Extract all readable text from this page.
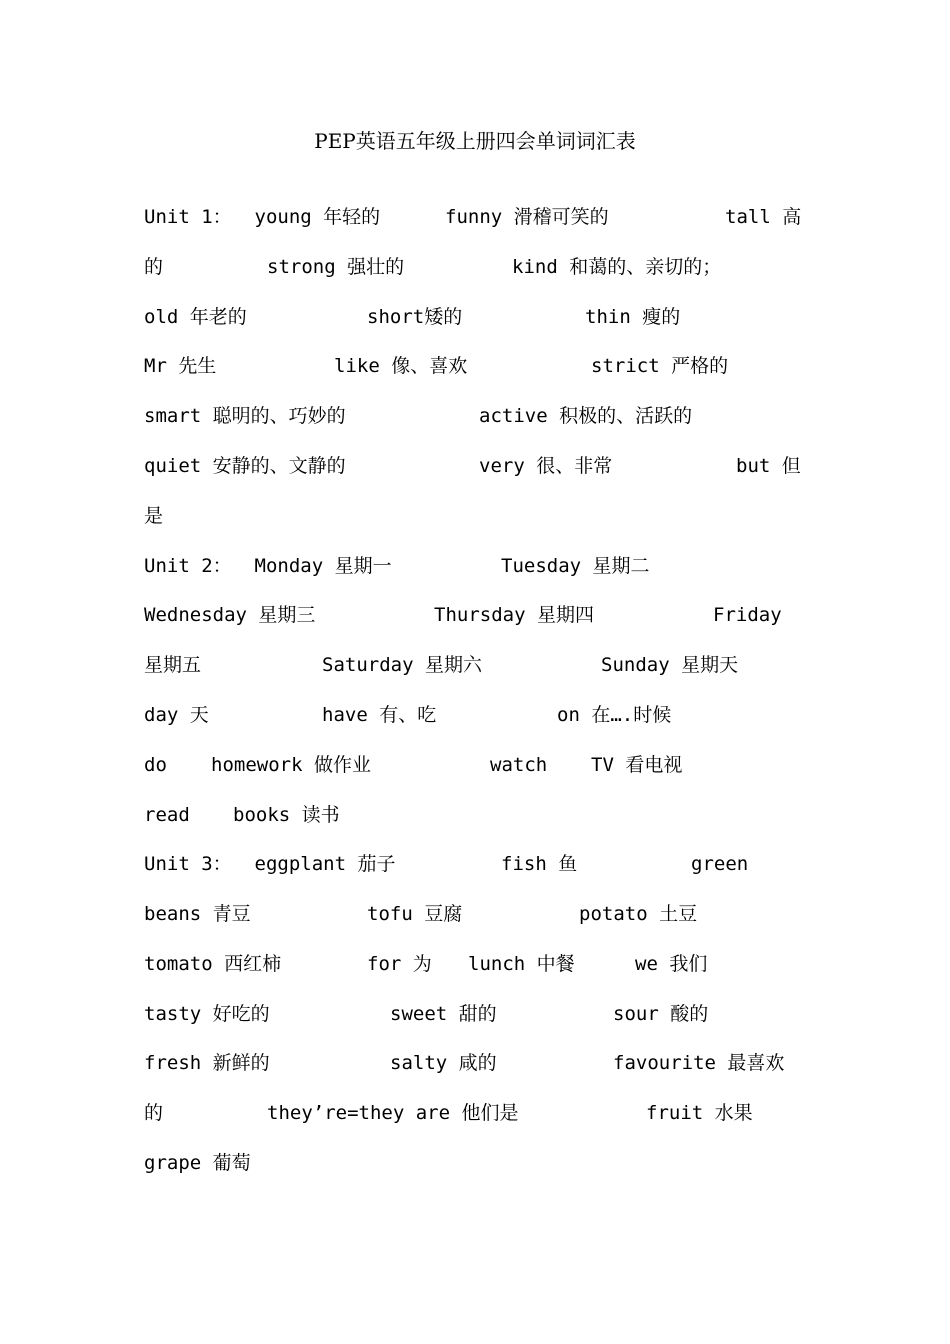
PEP英语五年级上册四会单词词汇表
Unit 1：  young 年轻的	funny 滑稽可笑的	tall 高
的	strong 强壮的	kind 和蔼的、亲切的；
old 年老的	short矮的	thin 瘦的
Mr 先生	like 像、喜欢	strict 严格的
smart 聪明的、巧妙的	active 积极的、活跃的
quiet 安静的、文静的	very 很、非常	but 但
是
Unit 2：  Monday 星期一	Tuesday 星期二
Wednesday 星期三	Thursday 星期四	Friday
星期五	Saturday 星期六	Sunday 星期天
day 天	have 有、吃	on 在….时候
do homework 做作业	watch TV 看电视
read books 读书
Unit 3：  eggplant 茄子	fish 鱼	green
beans 青豆	tofu 豆腐	potato 土豆
tomato 西红柿	for 为 lunch 中餐	we 我们
tasty 好吃的	sweet 甜的	sour 酸的
fresh 新鲜的	salty 咸的	favourite 最喜欢
的	they’re=they are 他们是	fruit 水果
grape 葡萄
